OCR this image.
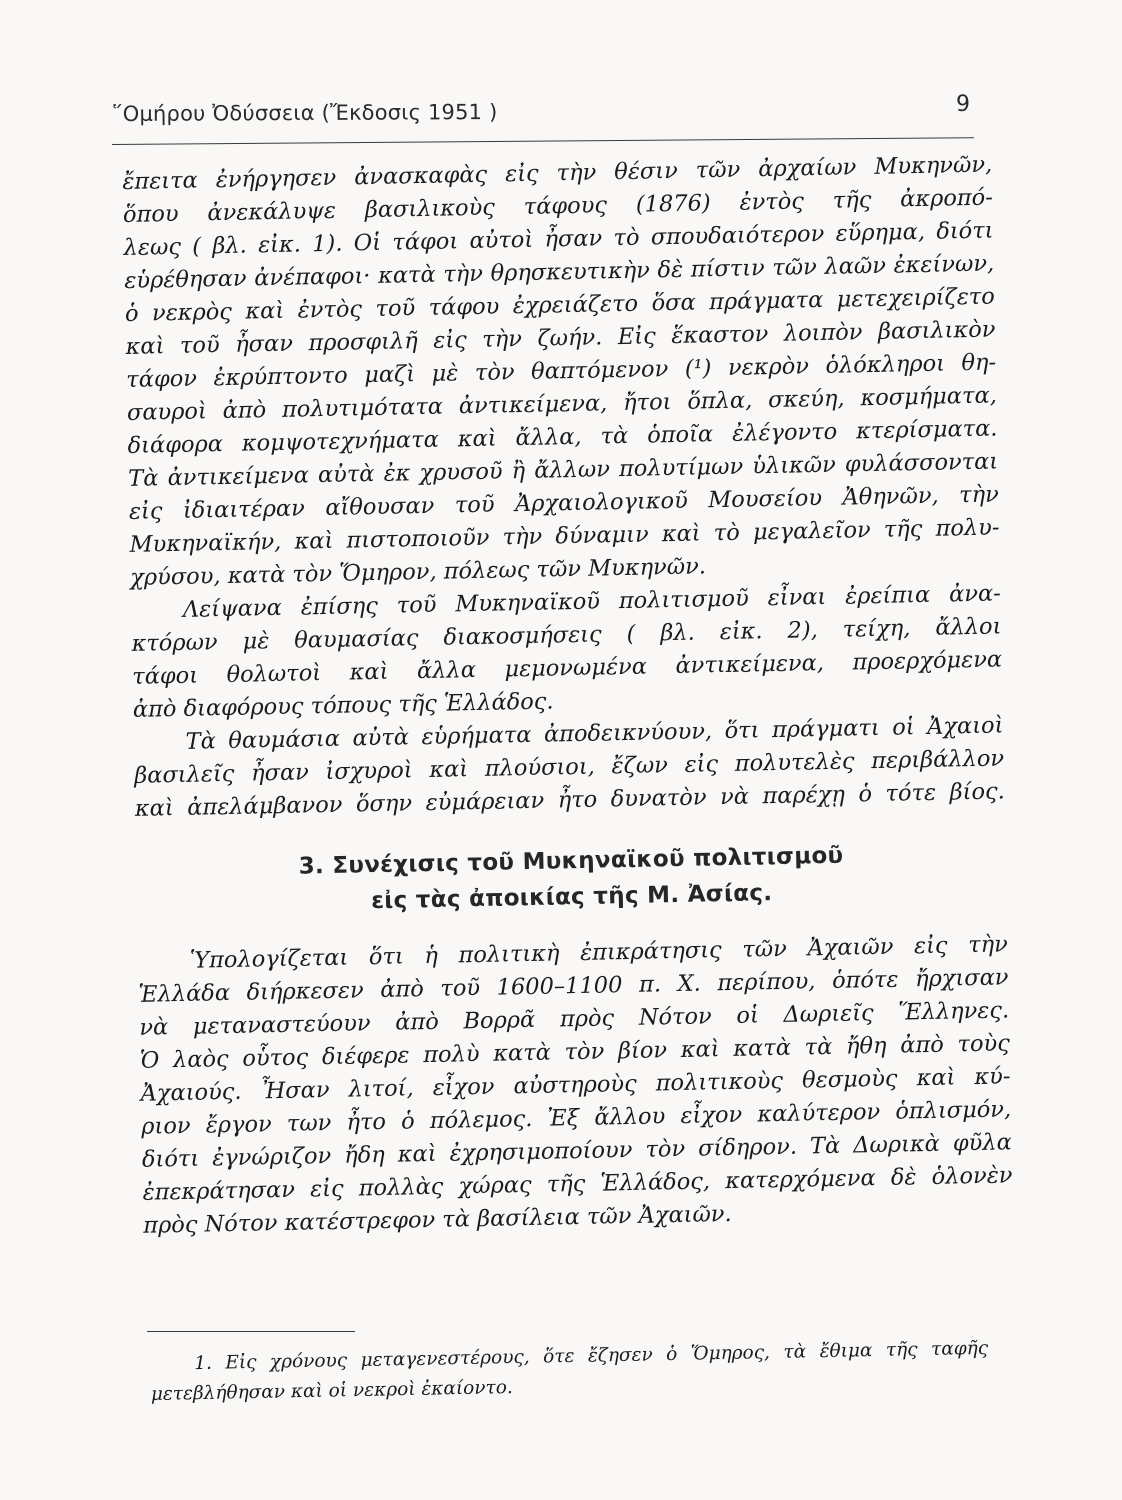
῞Ομήρου Ὀδύσσεια (Ἔκδοσις 1951 )	9
ἔπειτα ἐνήργησεν ἀνασκαφὰς εἰς τὴν θέσιν τῶν ἀρχαίων Μυκηνῶν,
ὅπου ἀνεκάλυψε βασιλικοὺς τάφους (1876) ἐντὸς τῆς ἀκροπό-
λεως ( βλ. εἰκ. 1). Οἱ τάφοι αὐτοὶ ἦσαν τὸ σπουδαιότερον εὕρημα, διότι
εὑρέθησαν ἀνέπαφοι· κατὰ τὴν θρησκευτικὴν δὲ πίστιν τῶν λαῶν ἐκείνων,
ὁ νεκρὸς καὶ ἐντὸς τοῦ τάφου ἐχρειάζετο ὅσα πράγματα μετεχειρίζετο
καὶ τοῦ ἦσαν προσφιλῆ εἰς τὴν ζωήν. Εἰς ἕκαστον λοιπὸν βασιλικὸν
τάφον ἐκρύπτοντο μαζὶ μὲ τὸν θαπτόμενον (¹) νεκρὸν ὁλόκληροι θη-
σαυροὶ ἀπὸ πολυτιμότατα ἀντικείμενα, ἤτοι ὅπλα, σκεύη, κοσμήματα,
διάφορα κομψοτεχνήματα καὶ ἄλλα, τὰ ὁποῖα ἐλέγοντο κτερίσματα.
Τὰ ἀντικείμενα αὐτὰ ἐκ χρυσοῦ ἢ ἄλλων πολυτίμων ὑλικῶν φυλάσσονται
εἰς ἰδιαιτέραν αἴθουσαν τοῦ Ἀρχαιολογικοῦ Μουσείου Ἀθηνῶν, τὴν
Μυκηναϊκήν, καὶ πιστοποιοῦν τὴν δύναμιν καὶ τὸ μεγαλεῖον τῆς πολυ-
χρύσου, κατὰ τὸν Ὅμηρον, πόλεως τῶν Μυκηνῶν.
Λείψανα ἐπίσης τοῦ Μυκηναϊκοῦ πολιτισμοῦ εἶναι ἐρείπια ἀνα-
κτόρων μὲ θαυμασίας διακοσμήσεις ( βλ. εἰκ. 2), τείχη, ἄλλοι
τάφοι θολωτοὶ καὶ ἄλλα μεμονωμένα ἀντικείμενα, προερχόμενα
ἀπὸ διαφόρους τόπους τῆς Ἑλλάδος.
Τὰ θαυμάσια αὐτὰ εὑρήματα ἀποδεικνύουν, ὅτι πράγματι οἱ Ἀχαιοὶ
βασιλεῖς ἦσαν ἰσχυροὶ καὶ πλούσιοι, ἔζων εἰς πολυτελὲς περιβάλλον
καὶ ἀπελάμβανον ὅσην εὐμάρειαν ἦτο δυνατὸν νὰ παρέχῃ ὁ τότε βίος.
3. Συνέχισις τοῦ Μυκηναϊκοῦ πολιτισμοῦ
εἰς τὰς ἀποικίας τῆς Μ. Ἀσίας.
Ὑπολογίζεται ὅτι ἡ πολιτικὴ ἐπικράτησις τῶν Ἀχαιῶν εἰς τὴν
Ἑλλάδα διήρκεσεν ἀπὸ τοῦ 1600–1100 π. Χ. περίπου, ὁπότε ἤρχισαν
νὰ μεταναστεύουν ἀπὸ Βορρᾶ πρὸς Νότον οἱ Δωριεῖς Ἕλληνες.
Ὁ λαὸς οὗτος διέφερε πολὺ κατὰ τὸν βίον καὶ κατὰ τὰ ἤθη ἀπὸ τοὺς
Ἀχαιούς. Ἦσαν λιτοί, εἶχον αὐστηροὺς πολιτικοὺς θεσμοὺς καὶ κύ-
ριον ἔργον των ἦτο ὁ πόλεμος. Ἐξ ἄλλου εἶχον καλύτερον ὁπλισμόν,
διότι ἐγνώριζον ἤδη καὶ ἐχρησιμοποίουν τὸν σίδηρον. Τὰ Δωρικὰ φῦλα
ἐπεκράτησαν εἰς πολλὰς χώρας τῆς Ἑλλάδος, κατερχόμενα δὲ ὁλονὲν
πρὸς Νότον κατέστρεφον τὰ βασίλεια τῶν Ἀχαιῶν.
1. Εἰς χρόνους μεταγενεστέρους, ὅτε ἔζησεν ὁ Ὅμηρος, τὰ ἔθιμα τῆς ταφῆς
μετεβλήθησαν καὶ οἱ νεκροὶ ἐκαίοντο.
